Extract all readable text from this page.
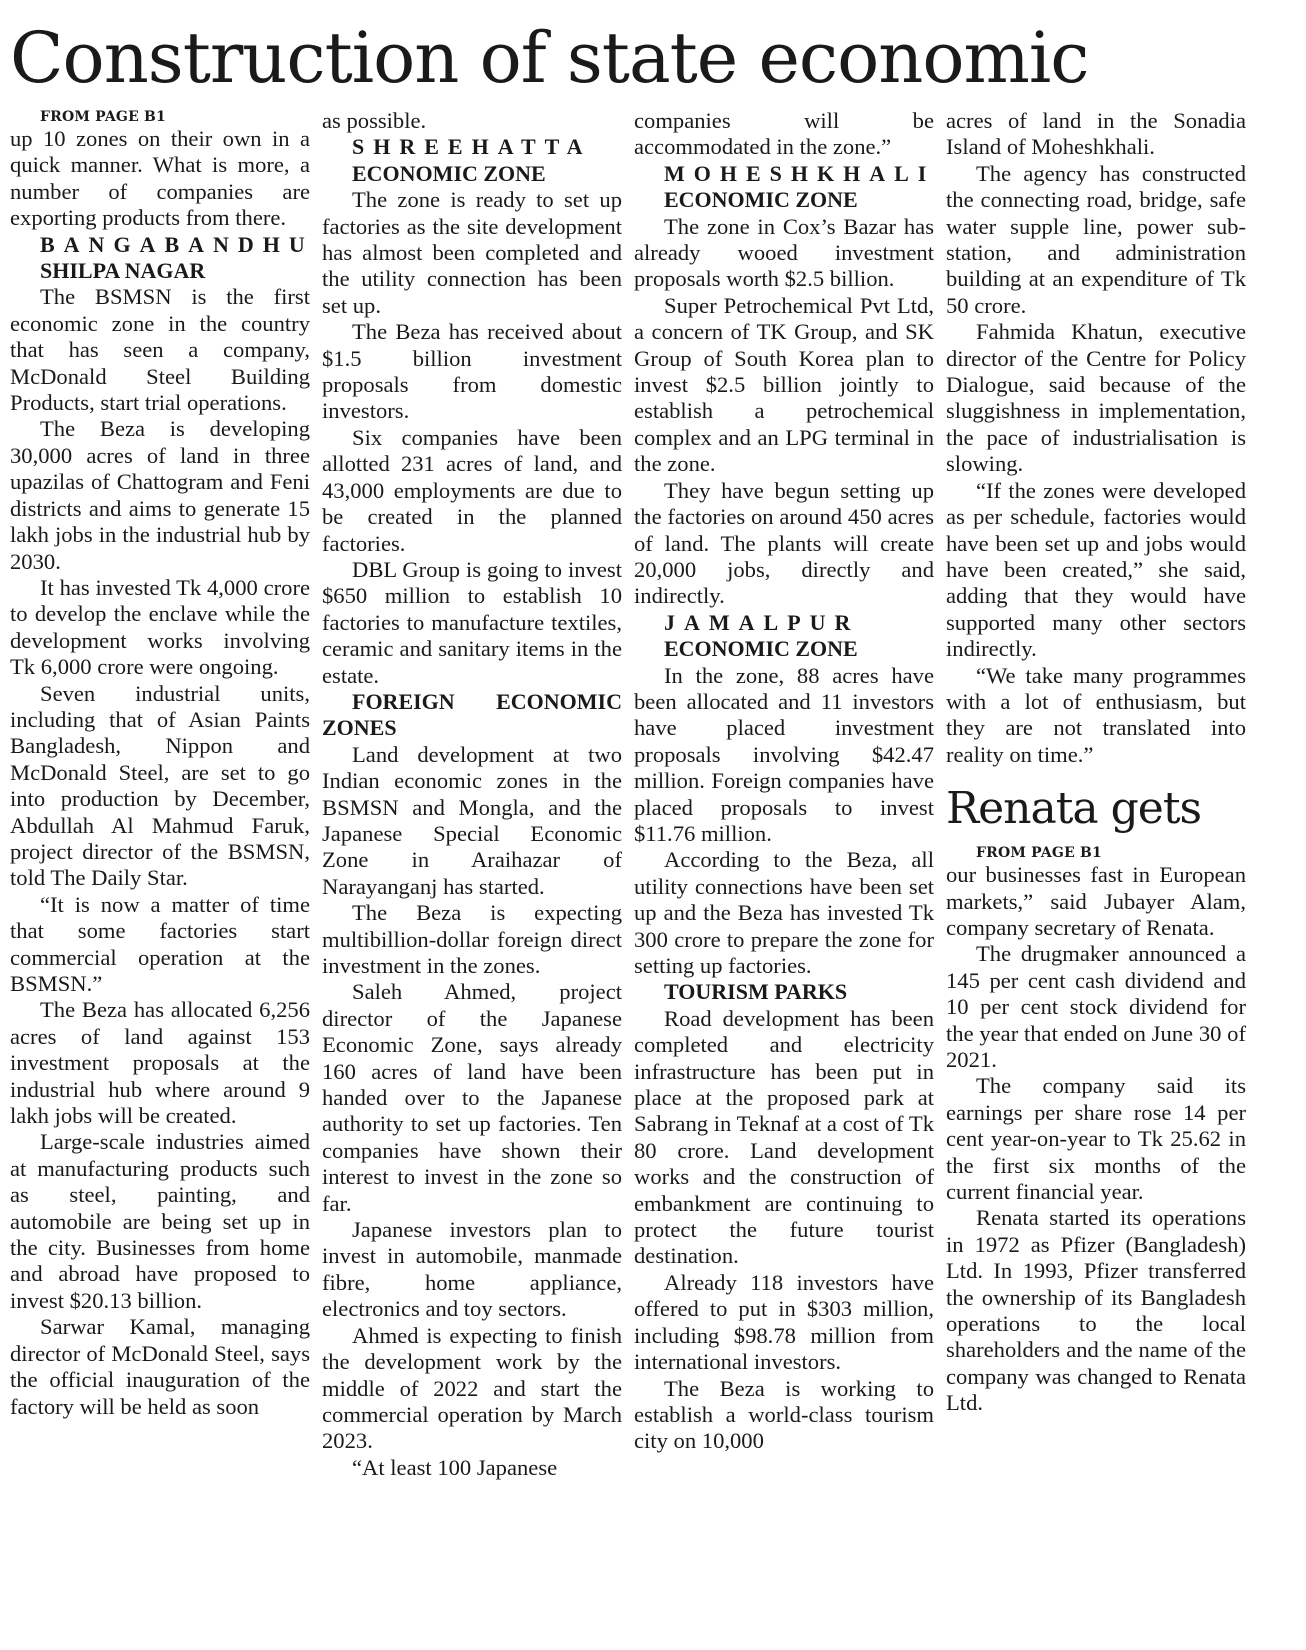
Construction of state economic

FROM PAGE B1

up 10 zones on their own in a quick manner. What is more, a number of companies are exporting products from there.

BANGABANDHU

SHILPA NAGAR

The BSMSN is the first economic zone in the country that has seen a company, McDonald Steel Building Products, start trial operations.

The Beza is developing 30,000 acres of land in three upazilas of Chattogram and Feni districts and aims to generate 15 lakh jobs in the industrial hub by 2030.

It has invested Tk 4,000 crore to develop the enclave while the development works involving Tk 6,000 crore were ongoing.

Seven industrial units, including that of Asian Paints Bangladesh, Nippon and McDonald Steel, are set to go into production by December, Abdullah Al Mahmud Faruk, project director of the BSMSN, told The Daily Star.

“It is now a matter of time that some factories start commercial operation at the BSMSN.”

The Beza has allocated 6,256 acres of land against 153 investment proposals at the industrial hub where around 9 lakh jobs will be created.

Large-scale industries aimed at manufacturing products such as steel, painting, and automobile are being set up in the city. Businesses from home and abroad have proposed to invest $20.13 billion.

Sarwar Kamal, managing director of McDonald Steel, says the official inauguration of the factory will be held as soon

as possible.

SHREEHATTA

ECONOMIC ZONE

The zone is ready to set up factories as the site development has almost been completed and the utility connection has been set up.

The Beza has received about $1.5 billion investment proposals from domestic investors.

Six companies have been allotted 231 acres of land, and 43,000 employments are due to be created in the planned factories.

DBL Group is going to invest $650 million to establish 10 factories to manufacture textiles, ceramic and sanitary items in the estate.

FOREIGN ECONOMIC ZONES

Land development at two Indian economic zones in the BSMSN and Mongla, and the Japanese Special Economic Zone in Araihazar of Narayanganj has started.

The Beza is expecting multibillion-dollar foreign direct investment in the zones.

Saleh Ahmed, project director of the Japanese Economic Zone, says already 160 acres of land have been handed over to the Japanese authority to set up factories. Ten companies have shown their interest to invest in the zone so far.

Japanese investors plan to invest in automobile, manmade fibre, home appliance, electronics and toy sectors.

Ahmed is expecting to finish the development work by the middle of 2022 and start the commercial operation by March 2023.

“At least 100 Japanese

companies will be accommodated in the zone.”

MOHESHKHALI

ECONOMIC ZONE

The zone in Cox’s Bazar has already wooed investment proposals worth $2.5 billion.

Super Petrochemical Pvt Ltd, a concern of TK Group, and SK Group of South Korea plan to invest $2.5 billion jointly to establish a petrochemical complex and an LPG terminal in the zone.

They have begun setting up the factories on around 450 acres of land. The plants will create 20,000 jobs, directly and indirectly.

JAMALPUR

ECONOMIC ZONE

In the zone, 88 acres have been allocated and 11 investors have placed investment proposals involving $42.47 million. Foreign companies have placed proposals to invest $11.76 million.

According to the Beza, all utility connections have been set up and the Beza has invested Tk 300 crore to prepare the zone for setting up factories.

TOURISM PARKS

Road development has been completed and electricity infrastructure has been put in place at the proposed park at Sabrang in Teknaf at a cost of Tk 80 crore. Land development works and the construction of embankment are continuing to protect the future tourist destination.

Already 118 investors have offered to put in $303 million, including $98.78 million from international investors.

The Beza is working to establish a world-class tourism city on 10,000

acres of land in the Sonadia Island of Moheshkhali.

The agency has constructed the connecting road, bridge, safe water supple line, power sub-station, and administration building at an expenditure of Tk 50 crore.

Fahmida Khatun, executive director of the Centre for Policy Dialogue, said because of the sluggishness in implementation, the pace of industrialisation is slowing.

“If the zones were developed as per schedule, factories would have been set up and jobs would have been created,” she said, adding that they would have supported many other sectors indirectly.

“We take many programmes with a lot of enthusiasm, but they are not translated into reality on time.”

Renata gets

FROM PAGE B1

our businesses fast in European markets,” said Jubayer Alam, company secretary of Renata.

The drugmaker announced a 145 per cent cash dividend and 10 per cent stock dividend for the year that ended on June 30 of 2021.

The company said its earnings per share rose 14 per cent year-on-year to Tk 25.62 in the first six months of the current financial year.

Renata started its operations in 1972 as Pfizer (Bangladesh) Ltd. In 1993, Pfizer transferred the ownership of its Bangladesh operations to the local shareholders and the name of the company was changed to Renata Ltd.
